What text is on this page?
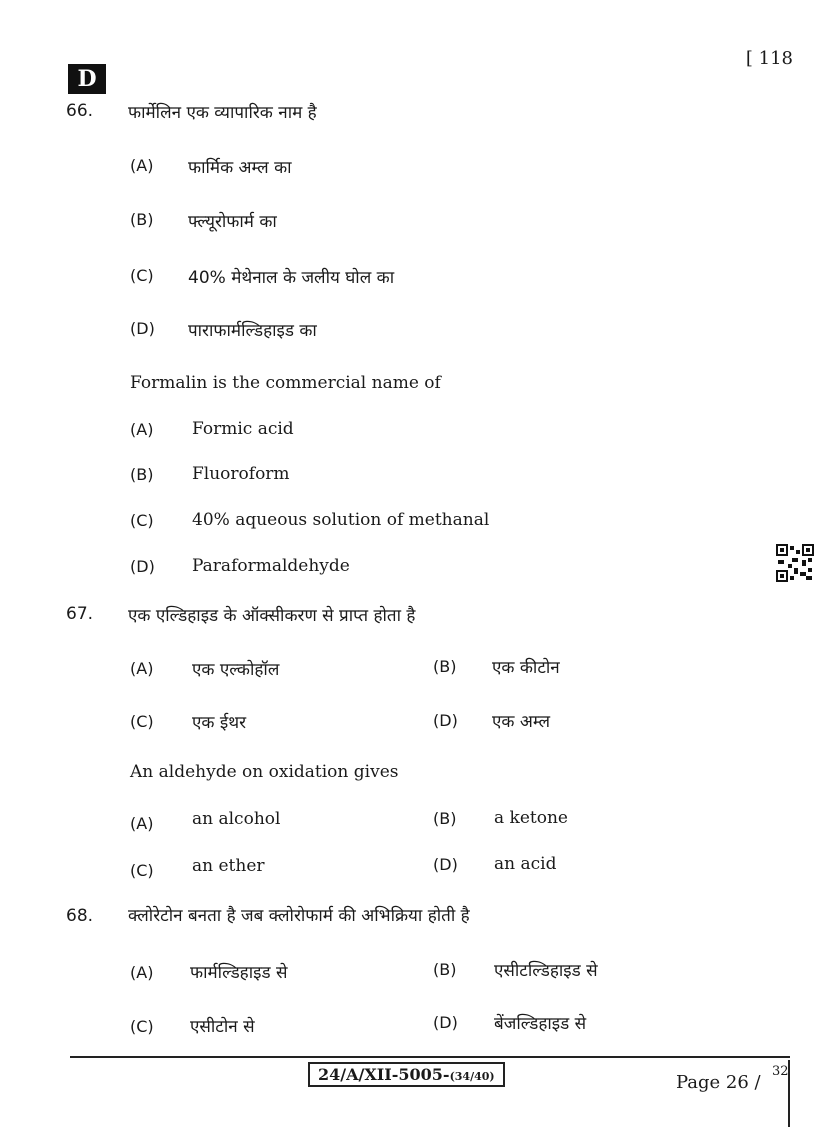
D
[ 118
66. फार्मेलिन एक व्यापारिक नाम है
(A) फार्मिक अम्ल का
(B) फ्ल्यूरोफार्म का
(C) 40% मेथेनाल के जलीय घोल का
(D) पाराफार्मल्डिहाइड का
Formalin is the commercial name of
(A) Formic acid
(B) Fluoroform
(C) 40% aqueous solution of methanal
(D) Paraformaldehyde
67. एक एल्डिहाइड के ऑक्सीकरण से प्राप्त होता है
(A) एक एल्कोहॉल	(B) एक कीटोन
(C) एक ईथर	(D) एक अम्ल
An aldehyde on oxidation gives
(A) an alcohol	(B) a ketone
(C) an ether	(D) an acid
68. क्लोरेटोन बनता है जब क्लोरोफार्म की अभिक्रिया होती है
(A) फार्मल्डिहाइड से	(B) एसीटल्डिहाइड से
(C) एसीटोन से	(D) बेंजल्डिहाइड से
24/A/XII-5005-(34/40)	Page 26 /
32
